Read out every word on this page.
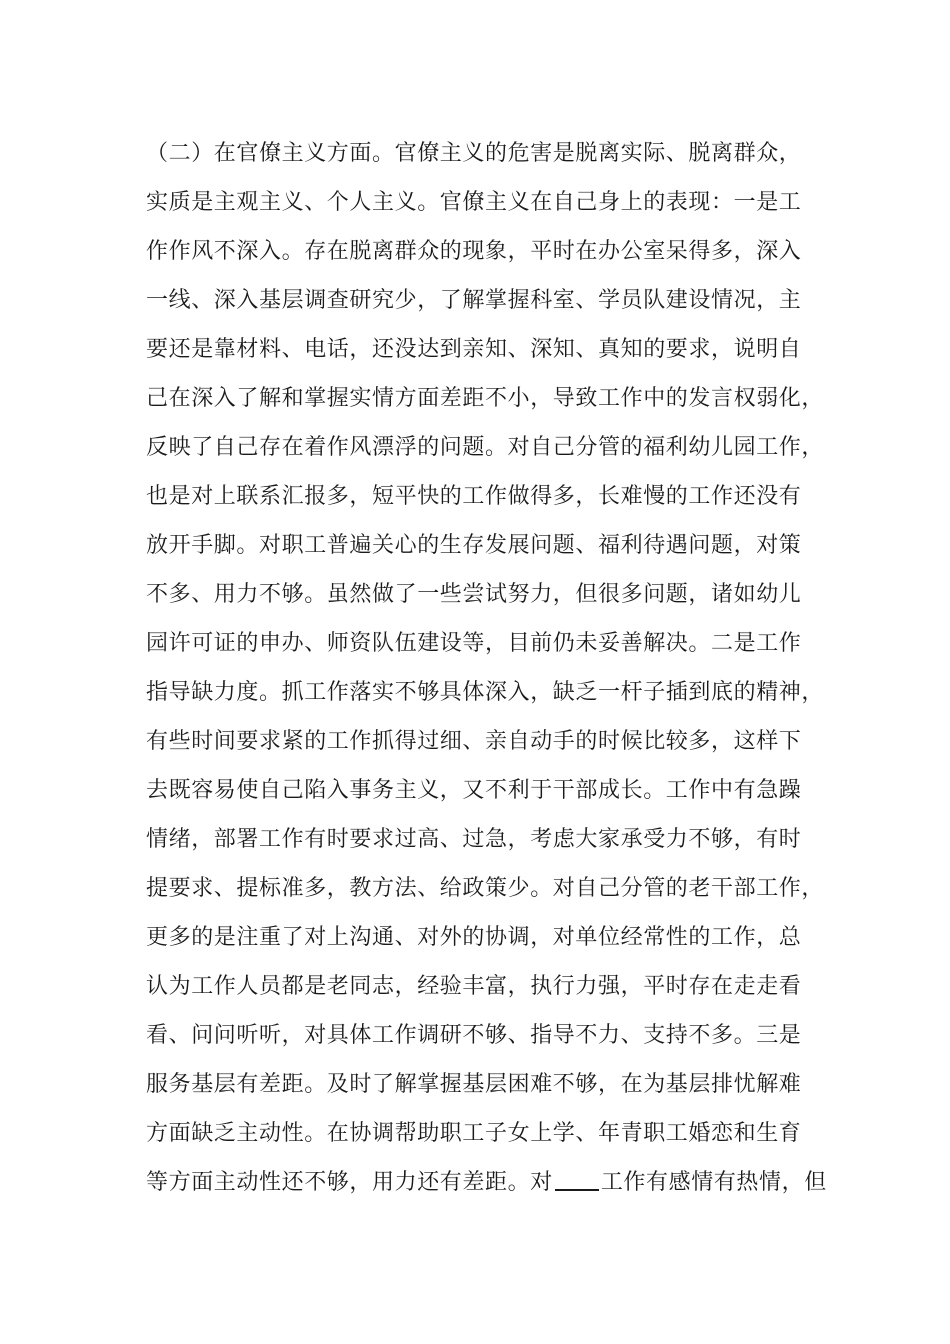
（二）在官僚主义方面。官僚主义的危害是脱离实际、脱离群众，
实质是主观主义、个人主义。官僚主义在自己身上的表现：一是工
作作风不深入。存在脱离群众的现象，平时在办公室呆得多，深入
一线、深入基层调查研究少，了解掌握科室、学员队建设情况，主
要还是靠材料、电话，还没达到亲知、深知、真知的要求，说明自
己在深入了解和掌握实情方面差距不小，导致工作中的发言权弱化，
反映了自己存在着作风漂浮的问题。对自己分管的福利幼儿园工作，
也是对上联系汇报多，短平快的工作做得多，长难慢的工作还没有
放开手脚。对职工普遍关心的生存发展问题、福利待遇问题，对策
不多、用力不够。虽然做了一些尝试努力，但很多问题，诸如幼儿
园许可证的申办、师资队伍建设等，目前仍未妥善解决。二是工作
指导缺力度。抓工作落实不够具体深入，缺乏一杆子插到底的精神，
有些时间要求紧的工作抓得过细、亲自动手的时候比较多，这样下
去既容易使自己陷入事务主义，又不利于干部成长。工作中有急躁
情绪，部署工作有时要求过高、过急，考虑大家承受力不够，有时
提要求、提标准多，教方法、给政策少。对自己分管的老干部工作，
更多的是注重了对上沟通、对外的协调，对单位经常性的工作，总
认为工作人员都是老同志，经验丰富，执行力强，平时存在走走看
看、问问听听，对具体工作调研不够、指导不力、支持不多。三是
服务基层有差距。及时了解掌握基层困难不够，在为基层排忧解难
方面缺乏主动性。在协调帮助职工子女上学、年青职工婚恋和生育
等方面主动性还不够，用力还有差距。对 工作有感情有热情，但
